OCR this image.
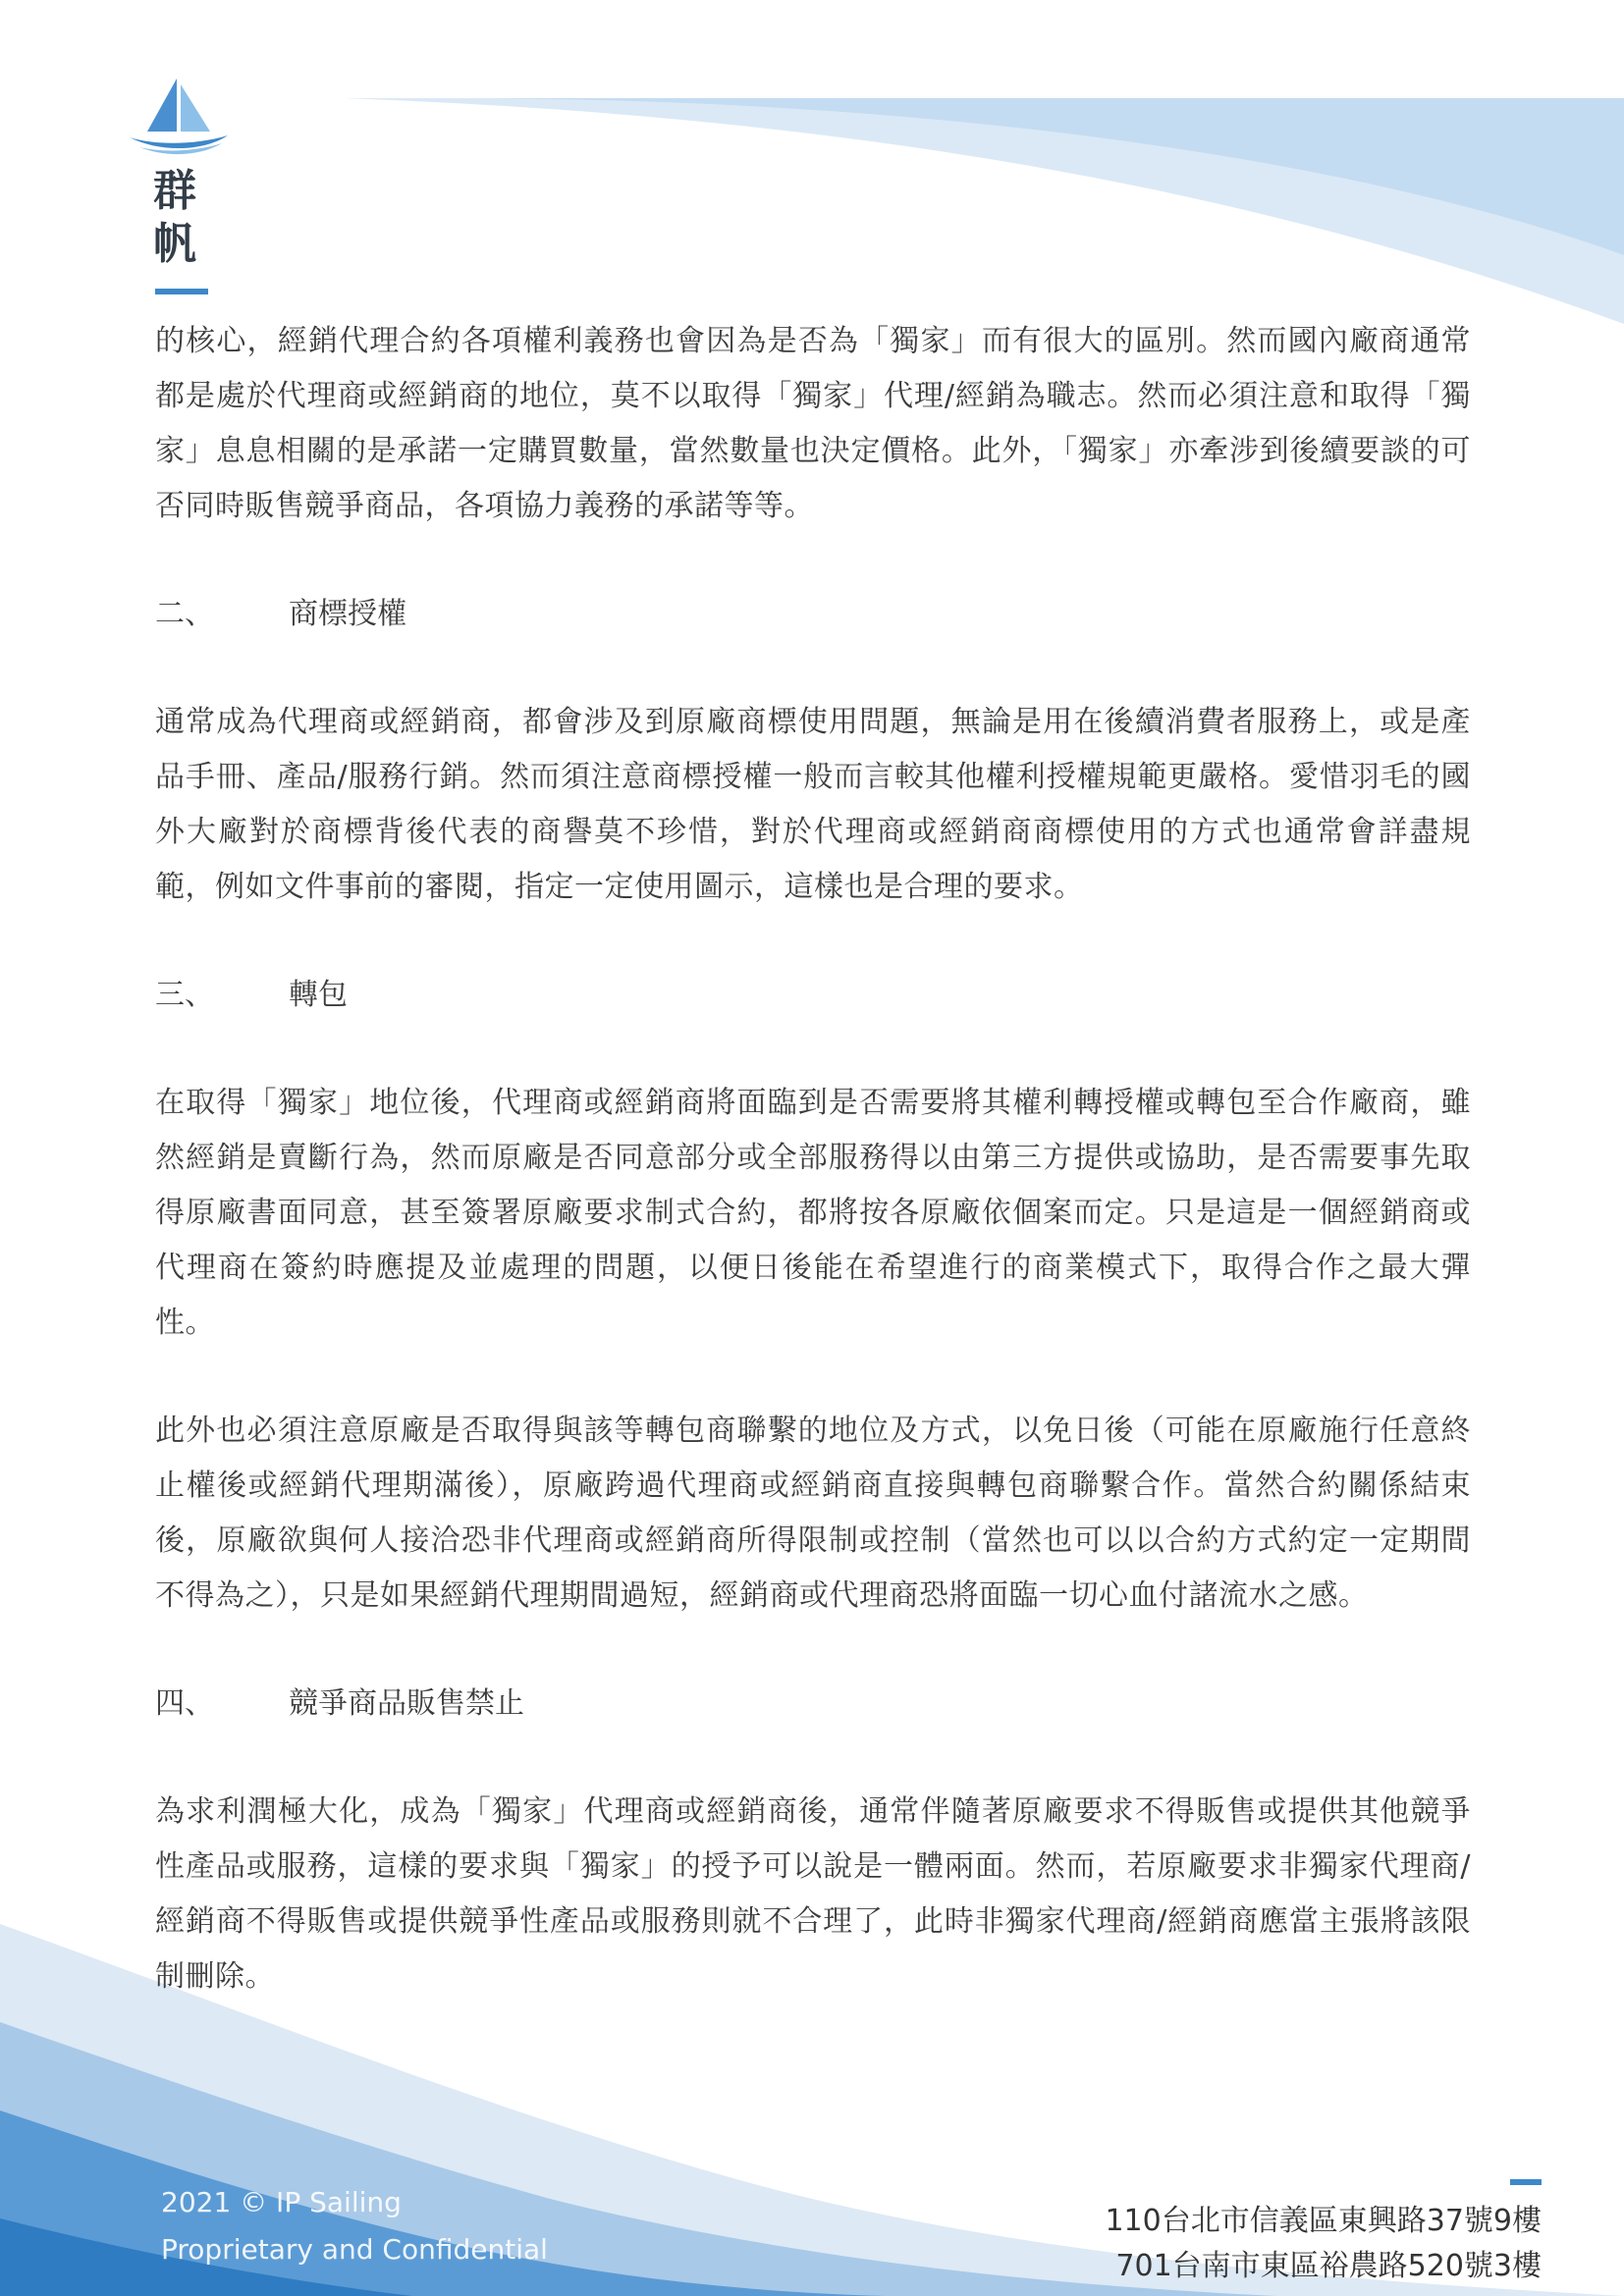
群
帆

的核心，經銷代理合約各項權利義務也會因為是否為「獨家」而有很大的區別。然而國內廠商通常都是處於代理商或經銷商的地位，莫不以取得「獨家」代理/經銷為職志。然而必須注意和取得「獨家」息息相關的是承諾一定購買數量，當然數量也決定價格。此外，「獨家」亦牽涉到後續要談的可否同時販售競爭商品，各項協力義務的承諾等等。

二、	商標授權

通常成為代理商或經銷商，都會涉及到原廠商標使用問題，無論是用在後續消費者服務上，或是產品手冊、產品/服務行銷。然而須注意商標授權一般而言較其他權利授權規範更嚴格。愛惜羽毛的國外大廠對於商標背後代表的商譽莫不珍惜，對於代理商或經銷商商標使用的方式也通常會詳盡規範，例如文件事前的審閱，指定一定使用圖示，這樣也是合理的要求。

三、	轉包

在取得「獨家」地位後，代理商或經銷商將面臨到是否需要將其權利轉授權或轉包至合作廠商，雖然經銷是賣斷行為，然而原廠是否同意部分或全部服務得以由第三方提供或協助，是否需要事先取得原廠書面同意，甚至簽署原廠要求制式合約，都將按各原廠依個案而定。只是這是一個經銷商或代理商在簽約時應提及並處理的問題，以便日後能在希望進行的商業模式下，取得合作之最大彈性。

此外也必須注意原廠是否取得與該等轉包商聯繫的地位及方式，以免日後（可能在原廠施行任意終止權後或經銷代理期滿後），原廠跨過代理商或經銷商直接與轉包商聯繫合作。當然合約關係結束後，原廠欲與何人接洽恐非代理商或經銷商所得限制或控制（當然也可以以合約方式約定一定期間不得為之），只是如果經銷代理期間過短，經銷商或代理商恐將面臨一切心血付諸流水之感。

四、	競爭商品販售禁止

為求利潤極大化，成為「獨家」代理商或經銷商後，通常伴隨著原廠要求不得販售或提供其他競爭性產品或服務，這樣的要求與「獨家」的授予可以說是一體兩面。然而，若原廠要求非獨家代理商/經銷商不得販售或提供競爭性產品或服務則就不合理了，此時非獨家代理商/經銷商應當主張將該限制刪除。

2021 © IP Sailing
Proprietary and Confidential
110台北市信義區東興路37號9樓
701台南市東區裕農路520號3樓
